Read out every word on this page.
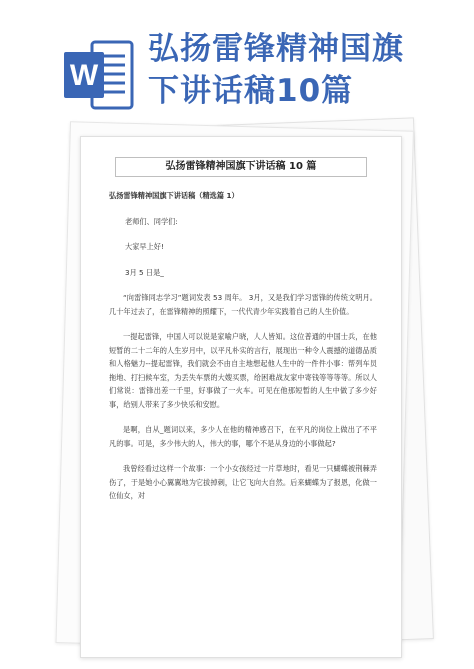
W
弘扬雷锋精神国旗
下讲话稿10篇
弘扬雷锋精神国旗下讲话稿 10 篇

弘扬雷锋精神国旗下讲话稿（精选篇 1）

老师们、同学们:

大家早上好!

3月 5 日是_

“向雷锋同志学习”题词发表 53 周年。 3月，又是我们学习雷锋的传统文明月。几十年过去了，在雷锋精神的照耀下，一代代青少年实践着自己的人生价值。

一提起雷锋，中国人可以说是家喻户晓，人人皆知。这位普通的中国士兵，在他短暂的二十二年的人生岁月中，以平凡朴实的言行，展现出一种令人震撼的道德品质和人格魅力--提起雷锋，我们就会不由自主地想起他人生中的一件件小事：帮列车员拖地、打扫候车室，为丢失车票的大嫂买票，给困难战友家中寄钱等等等等。所以人们常说：雷锋出差一千里，好事做了一火车。可见在他那短暂的人生中做了多少好事，给别人带来了多少快乐和安慰。

是啊，自从_题词以来，多少人在他的精神感召下，在平凡的岗位上做出了不平凡的事。可是，多少伟大的人，伟大的事，哪个不是从身边的小事做起?

我曾经看过这样一个故事：一个小女孩经过一片草地时，看见一只蝴蝶被荆棘弄伤了，于是她小心翼翼地为它拔掉刺，让它飞向大自然。后来蝴蝶为了报恩，化做一位仙女，对
